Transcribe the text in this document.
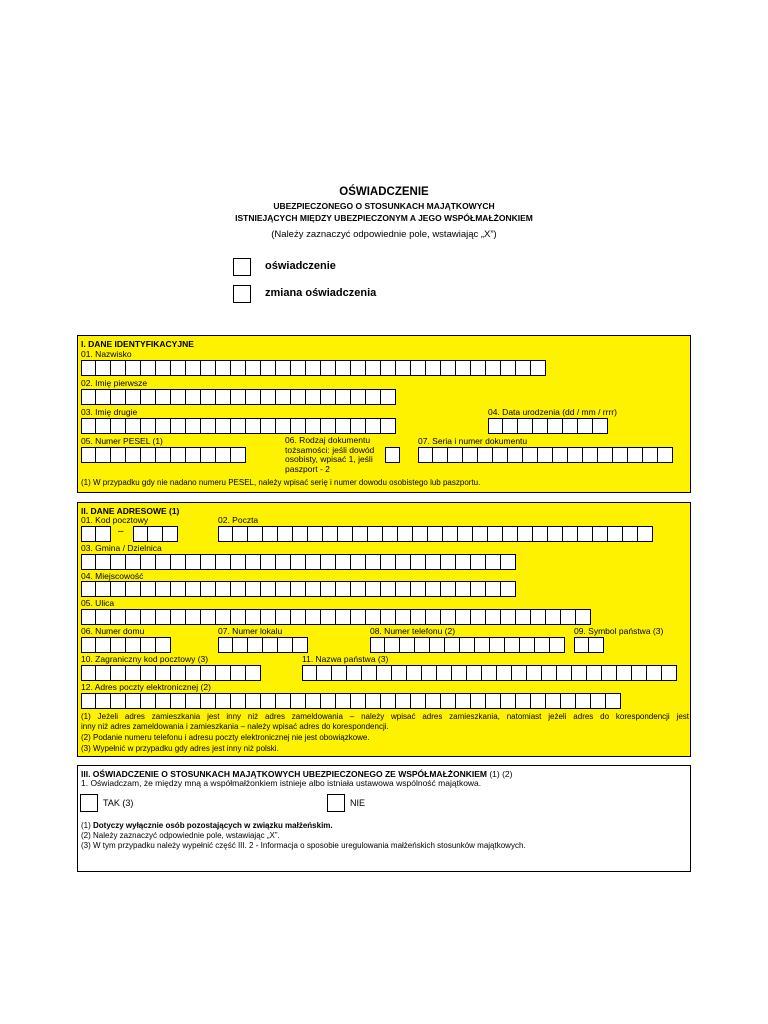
OŚWIADCZENIE
UBEZPIECZONEGO O STOSUNKACH MAJĄTKOWYCH
ISTNIEJĄCYCH MIĘDZY UBEZPIECZONYM A JEGO WSPÓŁMAŁŻONKIEM
(Należy zaznaczyć odpowiednie pole, wstawiając „X”)
oświadczenie
zmiana oświadczenia
I. DANE IDENTYFIKACYJNE
01. Nazwisko
02. Imię pierwsze
03. Imię drugie	04. Data urodzenia (dd / mm / rrrr)
05. Numer PESEL (1)	06. Rodzaj dokumentu
tożsamości: jeśli dowód
osobisty, wpisać 1, jeśli
paszport - 2
07. Seria i numer dokumentu
(1) W przypadku gdy nie nadano numeru PESEL, należy wpisać serię i numer dowodu osobistego lub paszportu.
II. DANE ADRESOWE (1)
01. Kod pocztowy
–
02. Poczta
03. Gmina / Dzielnica
04. Miejscowość
05. Ulica
06. Numer domu	07. Numer lokalu	08. Numer telefonu (2)	09. Symbol państwa (3)
10. Zagraniczny kod pocztowy (3)	11. Nazwa państwa (3)
12. Adres poczty elektronicznej (2)
(1) Jeżeli adres zamieszkania jest inny niż adres zameldowania – należy wpisać adres zamieszkania, natomiast jeżeli adres do korespondencji jest
inny niż adres zameldowania i zamieszkania – należy wpisać adres do korespondencji.
(2) Podanie numeru telefonu i adresu poczty elektronicznej nie jest obowiązkowe.
(3) Wypełnić w przypadku gdy adres jest inny niż polski.
III. OŚWIADCZENIE O STOSUNKACH MAJĄTKOWYCH UBEZPIECZONEGO ZE WSPÓŁMAŁŻONKIEM (1) (2)
1. Oświadczam, że między mną a współmałżonkiem istnieje albo istniała ustawowa wspólność majątkowa.
TAK (3)	NIE
(1) Dotyczy wyłącznie osób pozostających w związku małżeńskim.
(2) Należy zaznaczyć odpowiednie pole, wstawiając „X”.
(3) W tym przypadku należy wypełnić część III. 2 - Informacja o sposobie uregulowania małżeńskich stosunków majątkowych.
